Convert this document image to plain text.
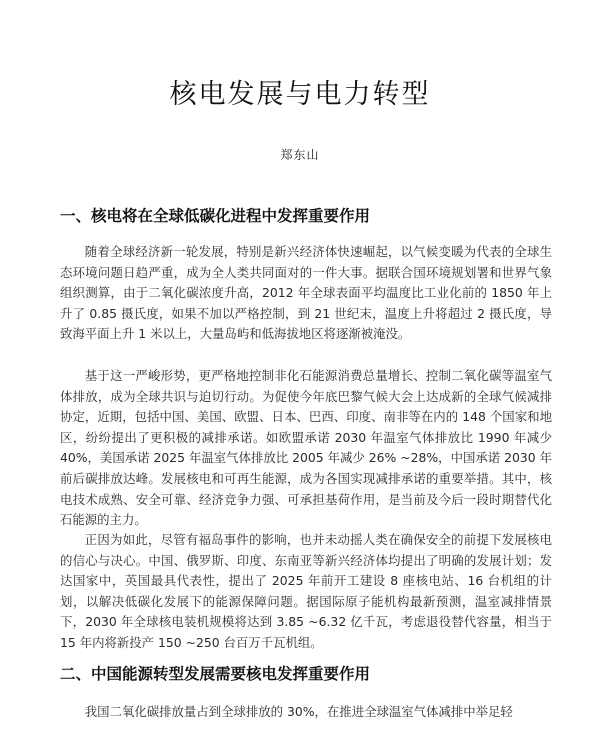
核电发展与电力转型
郑东山
一、核电将在全球低碳化进程中发挥重要作用

随着全球经济新一轮发展，特别是新兴经济体快速崛起，以气候变暖为代表的全球生态环境问题日趋严重，成为全人类共同面对的一件大事。据联合国环境规划署和世界气象组织测算，由于二氧化碳浓度升高，2012 年全球表面平均温度比工业化前的 1850 年上升了 0.85 摄氏度，如果不加以严格控制，到 21 世纪末，温度上升将超过 2 摄氏度，导致海平面上升 1 米以上，大量岛屿和低海拔地区将逐渐被淹没。

基于这一严峻形势，更严格地控制非化石能源消费总量增长、控制二氧化碳等温室气体排放，成为全球共识与迫切行动。为促使今年底巴黎气候大会上达成新的全球气候减排协定，近期，包括中国、美国、欧盟、日本、巴西、印度、南非等在内的 148 个国家和地区，纷纷提出了更积极的减排承诺。如欧盟承诺 2030 年温室气体排放比 1990 年减少 40%，美国承诺 2025 年温室气体排放比 2005 年减少 26% ~28%，中国承诺 2030 年前后碳排放达峰。发展核电和可再生能源，成为各国实现减排承诺的重要举措。其中，核电技术成熟、安全可靠、经济竞争力强、可承担基荷作用，是当前及今后一段时期替代化石能源的主力。

正因为如此，尽管有福岛事件的影响，也并未动摇人类在确保安全的前提下发展核电的信心与决心。中国、俄罗斯、印度、东南亚等新兴经济体均提出了明确的发展计划；发达国家中，英国最具代表性，提出了 2025 年前开工建设 8 座核电站、16 台机组的计划，以解决低碳化发展下的能源保障问题。据国际原子能机构最新预测，温室减排情景下，2030 年全球核电装机规模将达到 3.85 ~6.32 亿千瓦，考虑退役替代容量，相当于 15 年内将新投产 150 ~250 台百万千瓦机组。

二、中国能源转型发展需要核电发挥重要作用

我国二氧化碳排放量占到全球排放的 30%，在推进全球温室气体减排中举足轻
